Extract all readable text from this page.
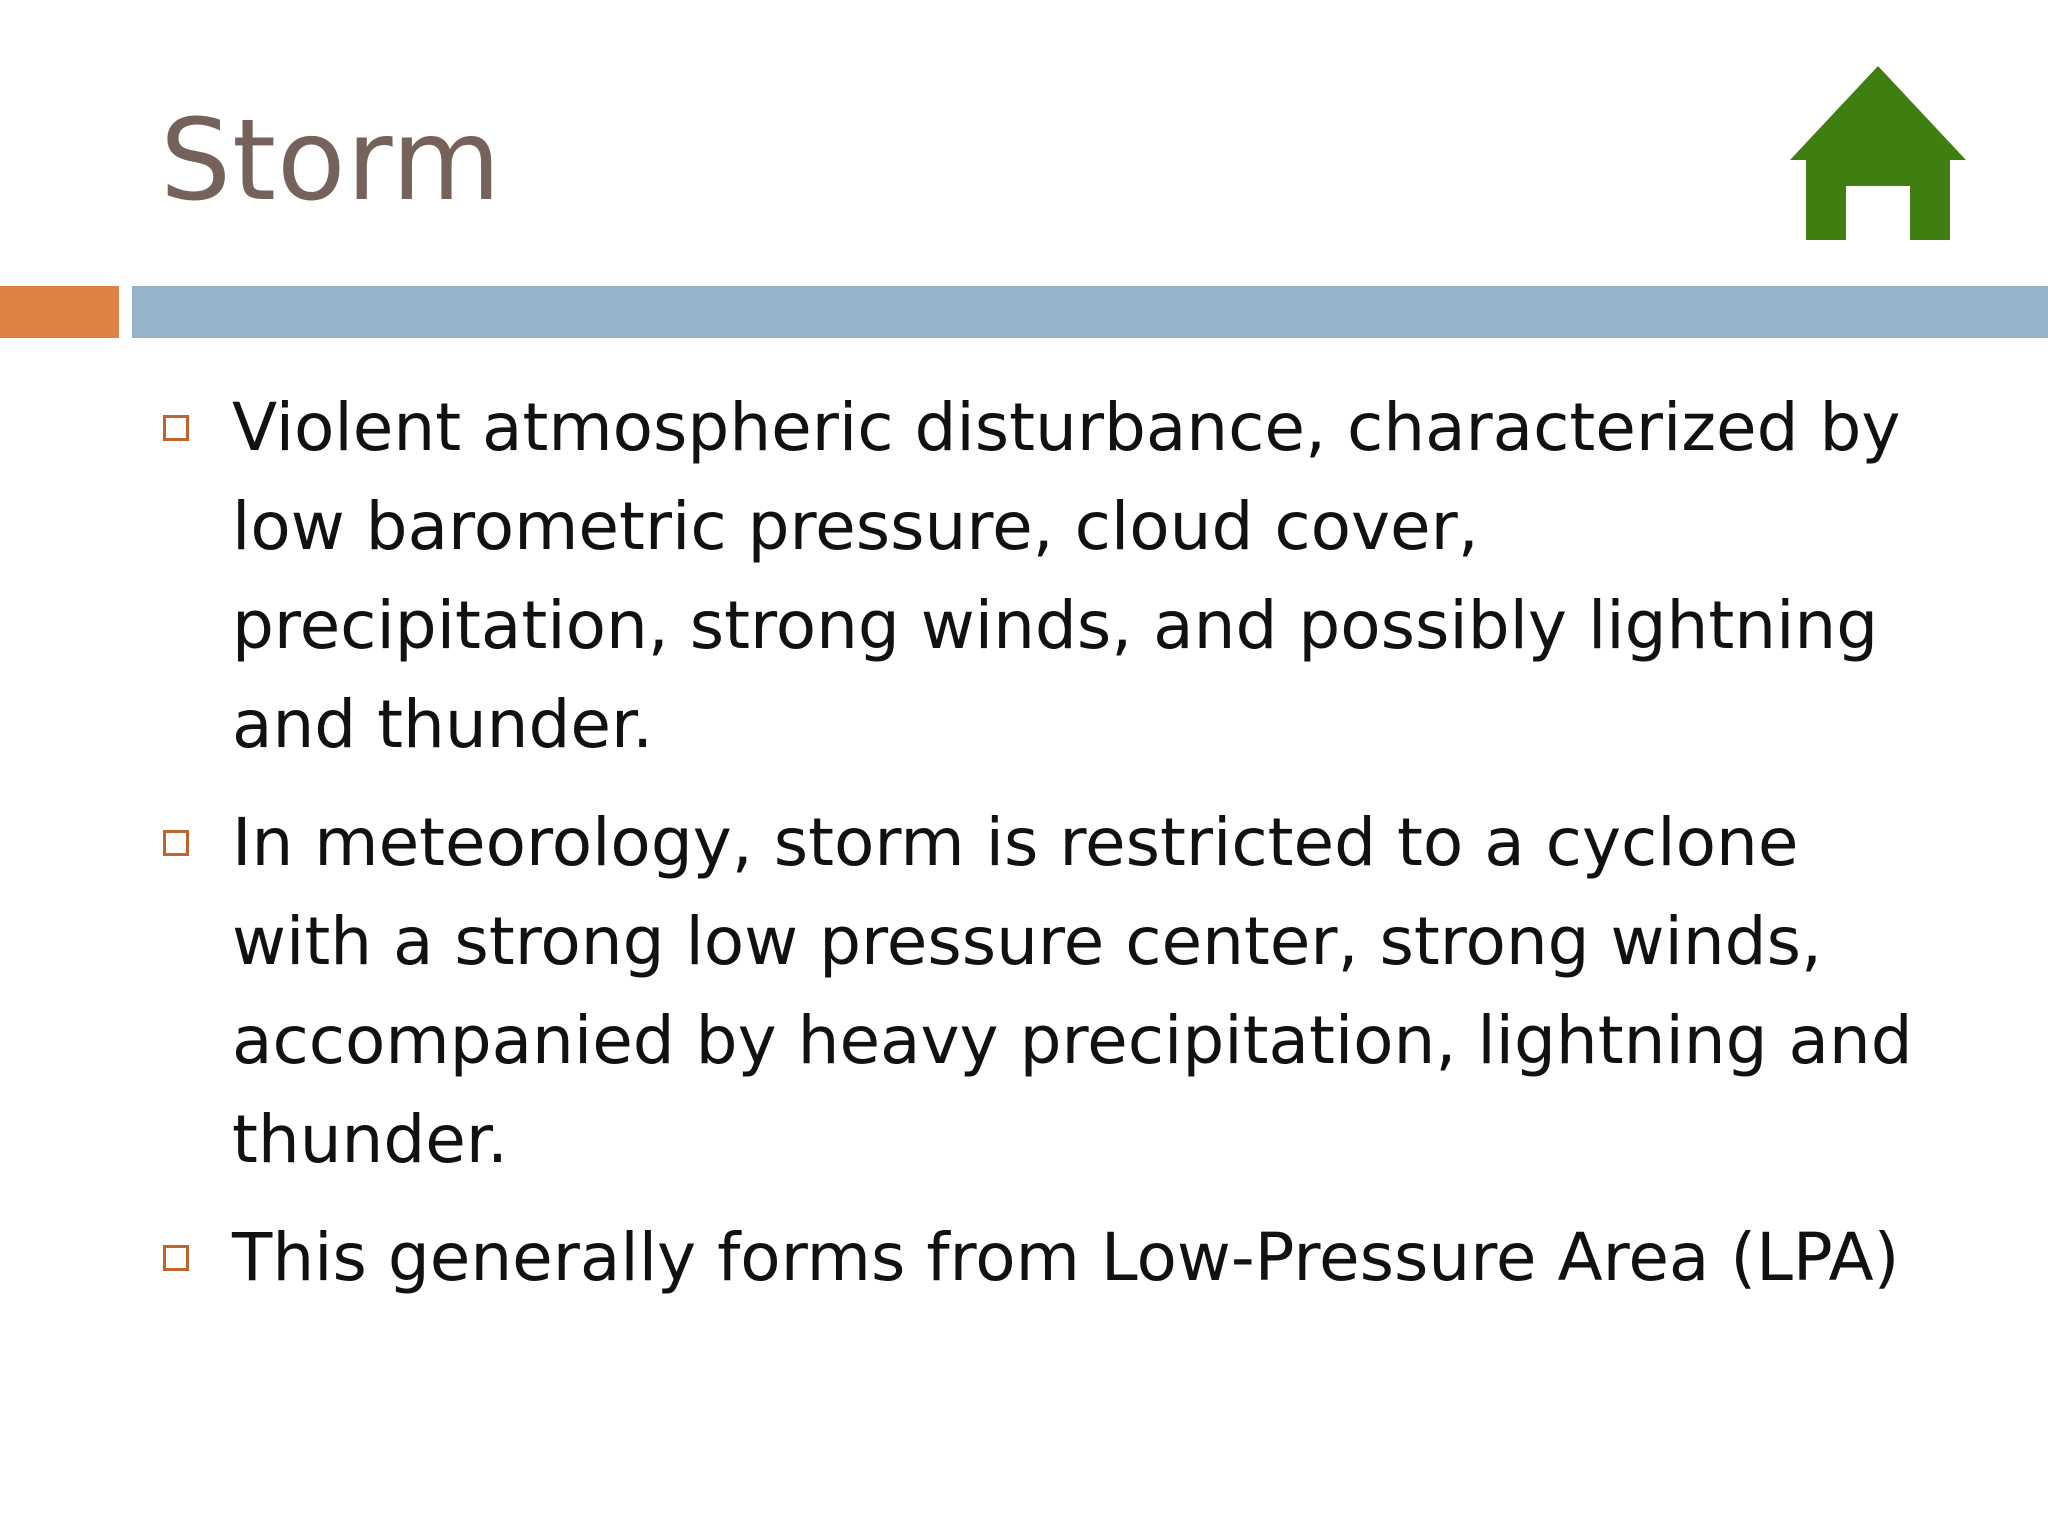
Storm
Violent atmospheric disturbance, characterized by low barometric pressure, cloud cover, precipitation, strong winds, and possibly lightning and thunder.
In meteorology, storm is restricted to a cyclone with a strong low pressure center, strong winds, accompanied by heavy precipitation, lightning and thunder.
This generally forms from Low-Pressure Area (LPA)
